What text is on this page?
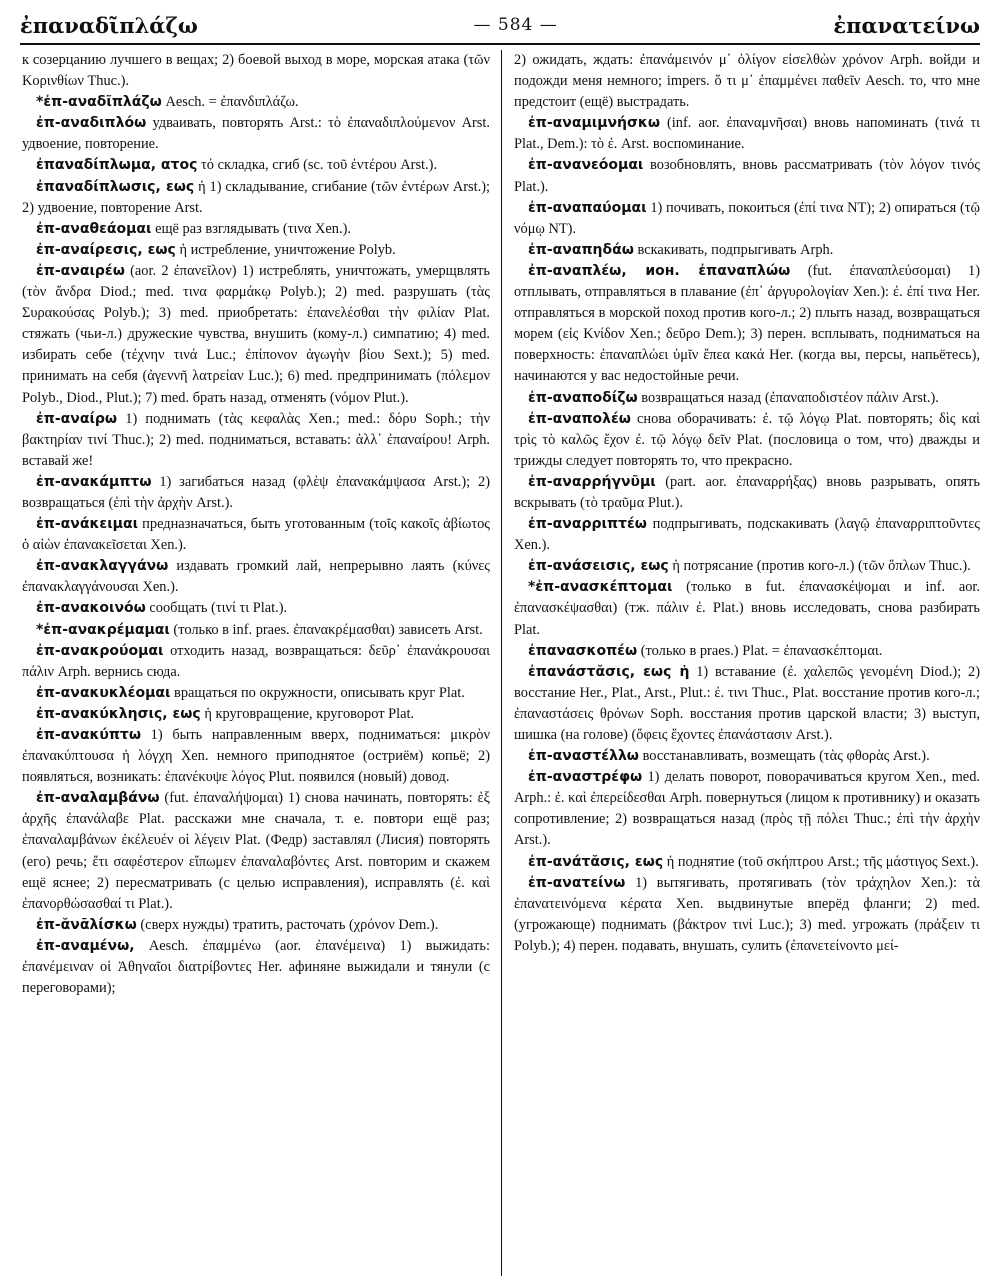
ἐπαναδῖπλάζω	— 584 —	ἐπανατείνω

к созерцанию лучшего в вещах; 2) боевой выход в море, морская атака (τῶν Κορινθίων Thuc.).

*ἐπ-αναδῖπλάζω Aesch. = ἐπανδιπλάζω.

ἐπ-αναδιπλόω удваивать, повторять Arst.: τὸ ἐπαναδιπλούμενον Arst. удвоение, повторение.

ἐπαναδίπλωμα, ατος τό складка, сгиб (sc. τοῦ ἐντέρου Arst.).

ἐπαναδίπλωσις, εως ἡ 1) складывание, сгибание (τῶν ἐντέρων Arst.); 2) удвоение, повторение Arst.

ἐπ-αναθεάομαι ещё раз взглядывать (τινα Xen.).

ἐπ-αναίρεσις, εως ἡ истребление, уничтожение Polyb.

ἐπ-αναιρέω (aor. 2 ἐπανεῖλον) 1) истреблять, уничтожать, умерщвлять (τὸν ἄνδρα Diod.; med. τινα φαρμάκῳ Polyb.); 2) med. разрушать (τὰς Συρακούσας Polyb.); 3) med. приобретать: ἐπανελέσθαι τὴν φιλίαν Plat. стяжать (чьи-л.) дружеские чувства, внушить (кому-л.) симпатию; 4) med. избирать себе (τέχνην τινά Luc.; ἐπίπονον ἀγωγὴν βίου Sext.); 5) med. принимать на себя (ἀγεννῆ λατρείαν Luc.); 6) med. предпринимать (πόλεμον Polyb., Diod., Plut.); 7) med. брать назад, отменять (νόμον Plut.).

ἐπ-αναίρω 1) поднимать (τὰς κεφαλὰς Xen.; med.: δόρυ Soph.; τὴν βακτηρίαν τινί Thuc.); 2) med. подниматься, вставать: ἀλλ᾽ ἐπαναίρου! Arph. вставай же!

ἐπ-ανακάμπτω 1) загибаться назад (φλὲψ ἐπανακάμψασα Arst.); 2) возвращаться (ἐπὶ τὴν ἀρχὴν Arst.).

ἐπ-ανάκειμαι предназначаться, быть уготованным (τοῖς κακοῖς ἀβίωτος ὁ αἰὼν ἐπανακεῖσεται Xen.).

ἐπ-ανακλαγγάνω издавать громкий лай, непрерывно лаять (κύνες ἐπανακλαγγάνουσαι Xen.).

ἐπ-ανακοινόω сообщать (τινί τι Plat.).

*ἐπ-ανακρέμαμαι (только в inf. praes. ἐπανακρέμασθαι) зависеть Arst.

ἐπ-ανακρούομαι отходить назад, возвращаться: δεῦρ᾽ ἐπανάκρουσαι πάλιν Arph. вернись сюда.

ἐπ-ανακυκλέομαι вращаться по окружности, описывать круг Plat.

ἐπ-ανακύκλησις, εως ἡ круговращение, круговорот Plat.

ἐπ-ανακύπτω 1) быть направленным вверх, подниматься: μικρὸν ἐπανακύπτουσα ἡ λόγχη Xen. немного приподнятое (остриём) копьё; 2) появляться, возникать: ἐπανέκυψε λόγος Plut. появился (новый) довод.

ἐπ-αναλαμβάνω (fut. ἐπαναλήψομαι) 1) снова начинать, повторять: ἐξ ἀρχῆς ἐπανάλαβε Plat. расскажи мне сначала, т. е. повтори ещё раз; ἐπαναλαμβάνων ἐκέλευέν οἱ λέγειν Plat. (Федр) заставлял (Лисия) повторять (его) речь; ἔτι σαφέστερον εἴπωμεν ἐπαναλαβόντες Arst. повторим и скажем ещё яснее; 2) пересматривать (с целью исправления), исправлять (ἐ. καὶ ἐπανορθώσασθαί τι Plat.).

ἐπ-ᾰνᾱλίσκω (сверх нужды) тратить, расточать (χρόνον Dem.).

ἐπ-αναμένω, Aesch. ἐπαμμένω (aor. ἐπανέμεινα) 1) выжидать: ἐπανέμειναν οἱ Ἀθηναῖοι διατρίβοντες Her. афиняне выжидали и тянули (с переговорами);

2) ожидать, ждать: ἐπανάμεινόν μ᾽ ὀλίγον εἰσελθὼν χρόνον Arph. войди и подожди меня немного; impers. ὅ τι μ᾽ ἐπαμμένει παθεῖν Aesch. то, что мне предстоит (ещё) выстрадать.

ἐπ-αναμιμνήσκω (inf. aor. ἐπαναμνῆσαι) вновь напоминать (τινά τι Plat., Dem.): τὸ ἐ. Arst. воспоминание.

ἐπ-ανανεόομαι возобновлять, вновь рассматривать (τὸν λόγον τινός Plat.).

ἐπ-αναπαύομαι 1) почивать, покоиться (ἐπί τινα NT); 2) опираться (τῷ νόμῳ NT).

ἐπ-αναπηδάω вскакивать, подпрыгивать Arph.

ἐπ-αναπλέω, ион. ἐπαναπλώω (fut. ἐπαναπλεύσομαι) 1) отплывать, отправляться в плавание (ἐπ᾽ ἀργυρολογίαν Xen.): ἐ. ἐπί τινα Her. отправляться в морской поход против кого-л.; 2) плыть назад, возвращаться морем (εἰς Κνίδον Xen.; δεῦρο Dem.); 3) перен. всплывать, подниматься на поверхность: ἐπαναπλώει ὑμῖν ἔπεα κακά Her. (когда вы, персы, напьётесь), начинаются у вас недостойные речи.

ἐπ-αναποδίζω возвращаться назад (ἐπαναποδιστέον πάλιν Arst.).

ἐπ-αναπολέω снова оборачивать: ἐ. τῷ λόγῳ Plat. повторять; δὶς καὶ τρὶς τὸ καλῶς ἔχον ἐ. τῷ λόγῳ δεῖν Plat. (пословица о том, что) дважды и трижды следует повторять то, что прекрасно.

ἐπ-αναρρήγνῦμι (part. aor. ἐπαναρρήξας) вновь разрывать, опять вскрывать (τὸ τραῦμα Plut.).

ἐπ-αναρριπτέω подпрыгивать, подскакивать (λαγῷ ἐπαναρριπτοῦντες Xen.).

ἐπ-ανάσεισις, εως ἡ потрясание (против кого-л.) (τῶν ὅπλων Thuc.).

*ἐπ-ανασκέπτομαι (только в fut. ἐπανασκέψομαι и inf. aor. ἐπανασκέψασθαι) (тж. πάλιν ἐ. Plat.) вновь исследовать, снова разбирать Plat.

ἐπανασκοπέω (только в praes.) Plat. = ἐπανασκέπτομαι.

ἐπανάστᾰσις, εως ἡ 1) вставание (ἐ. χαλεπῶς γενομένη Diod.); 2) восстание Her., Plat., Arst., Plut.: ἐ. τινι Thuc., Plat. восстание против кого-л.; ἐπαναστάσεις θρόνων Soph. восстания против царской власти; 3) выступ, шишка (на голове) (ὄφεις ἔχοντες ἐπανάστασιν Arst.).

ἐπ-αναστέλλω восстанавливать, возмещать (τὰς φθορὰς Arst.).

ἐπ-αναστρέφω 1) делать поворот, поворачиваться кругом Xen., med. Arph.: ἐ. καὶ ἐπερείδεσθαι Arph. повернуться (лицом к противнику) и оказать сопротивление; 2) возвращаться назад (πρὸς τῇ πόλει Thuc.; ἐπὶ τὴν ἀρχὴν Arst.).

ἐπ-ανάτᾰσις, εως ἡ поднятие (τοῦ σκήπτρου Arst.; τῆς μάστιγος Sext.).

ἐπ-ανατείνω 1) вытягивать, протягивать (τὸν τράχηλον Xen.): τὰ ἐπανατεινόμενα κέρατα Xen. выдвинутые вперёд фланги; 2) med. (угрожающе) поднимать (βάκτρον τινί Luc.); 3) med. угрожать (πράξειν τι Polyb.); 4) перен. подавать, внушать, сулить (ἐπανετείνοντο μεί-
